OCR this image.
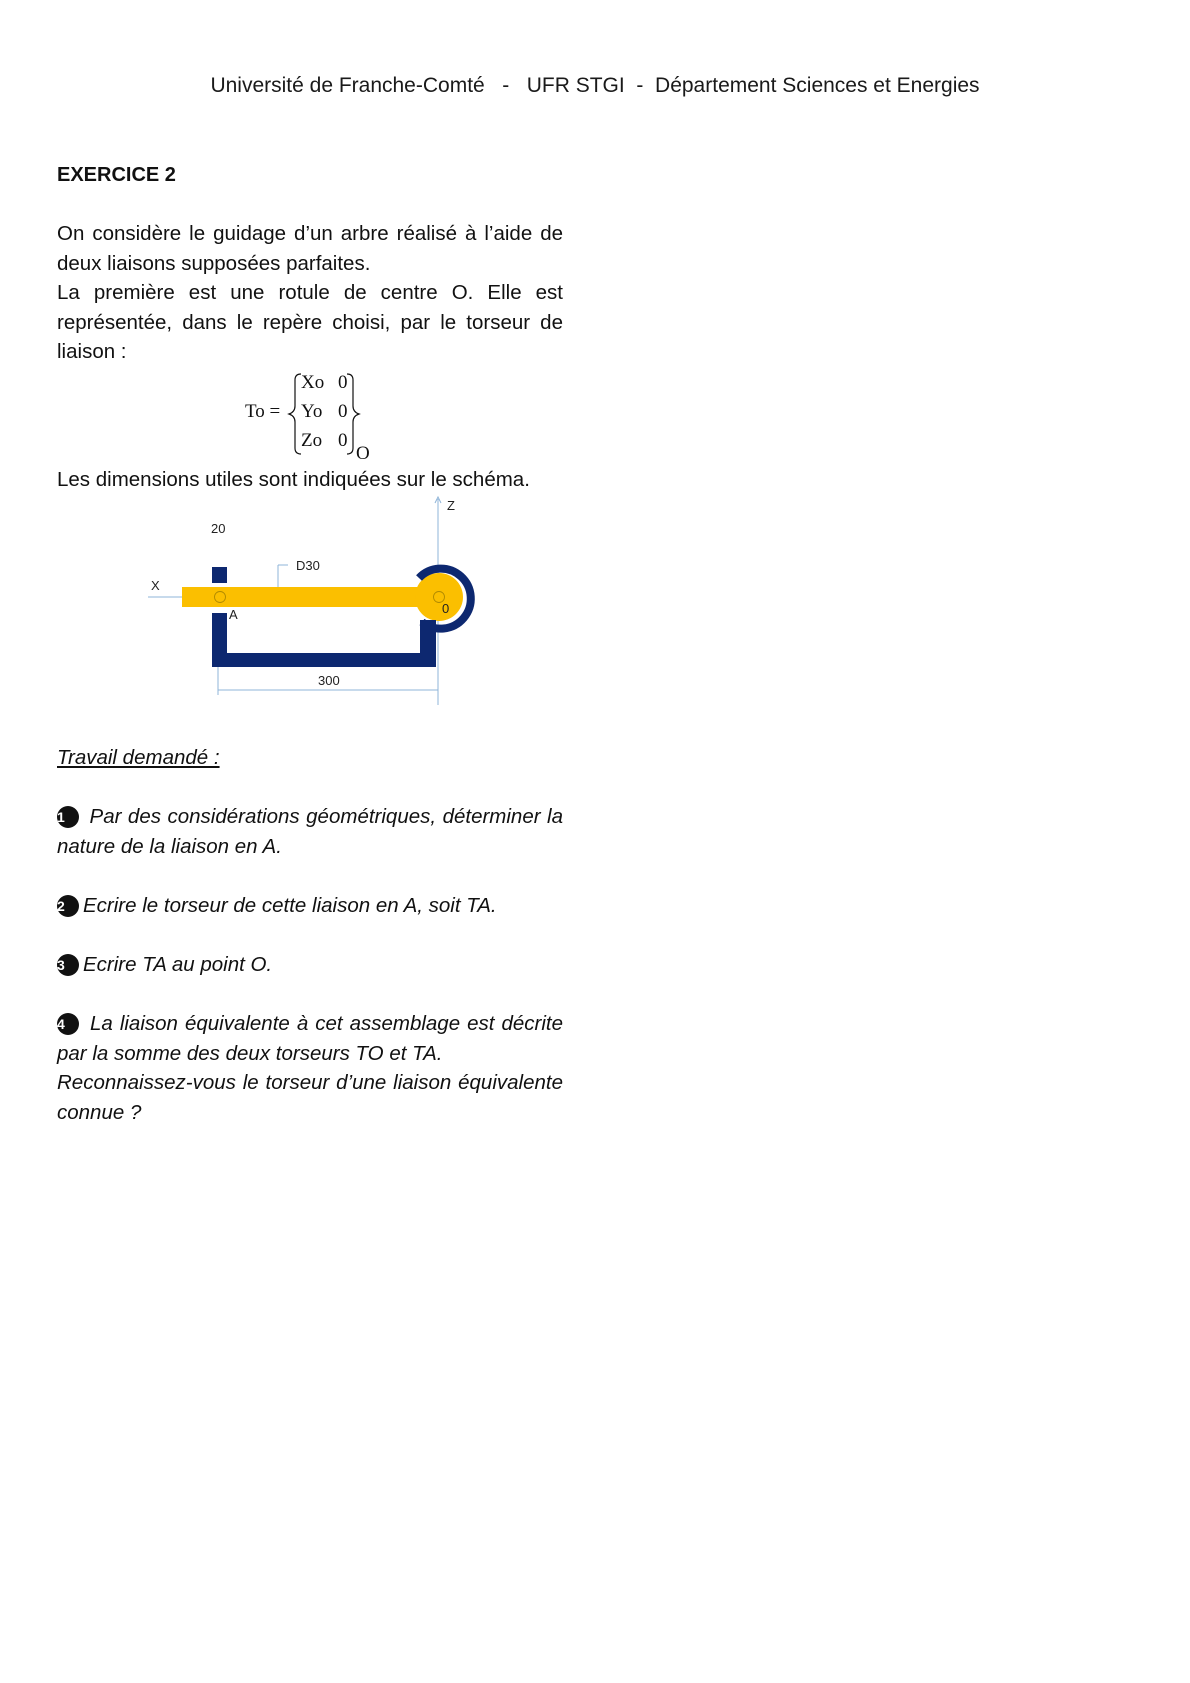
Université de Franche-Comté   -   UFR STGI  -  Département Sciences et Energies
EXERCICE 2

On considère le guidage d’un arbre réalisé à l’aide de deux liaisons supposées parfaites.

La première est une rotule de centre O. Elle est représentée, dans le repère choisi, par le torseur de liaison :

To =
Xo 0
Yo 0
Zo 0
O
Les dimensions utiles sont indiquées sur le schéma.
Z
X
20
D30
A	0
300
Travail demandé :

1 Par des considérations géométriques, déterminer la nature de la liaison en A.

2 Ecrire le torseur de cette liaison en A, soit TA.

3 Ecrire TA au point O.

4 La liaison équivalente à cet assemblage est décrite par la somme des deux torseurs TO et TA.

Reconnaissez-vous le torseur d’une liaison équivalente connue ?
